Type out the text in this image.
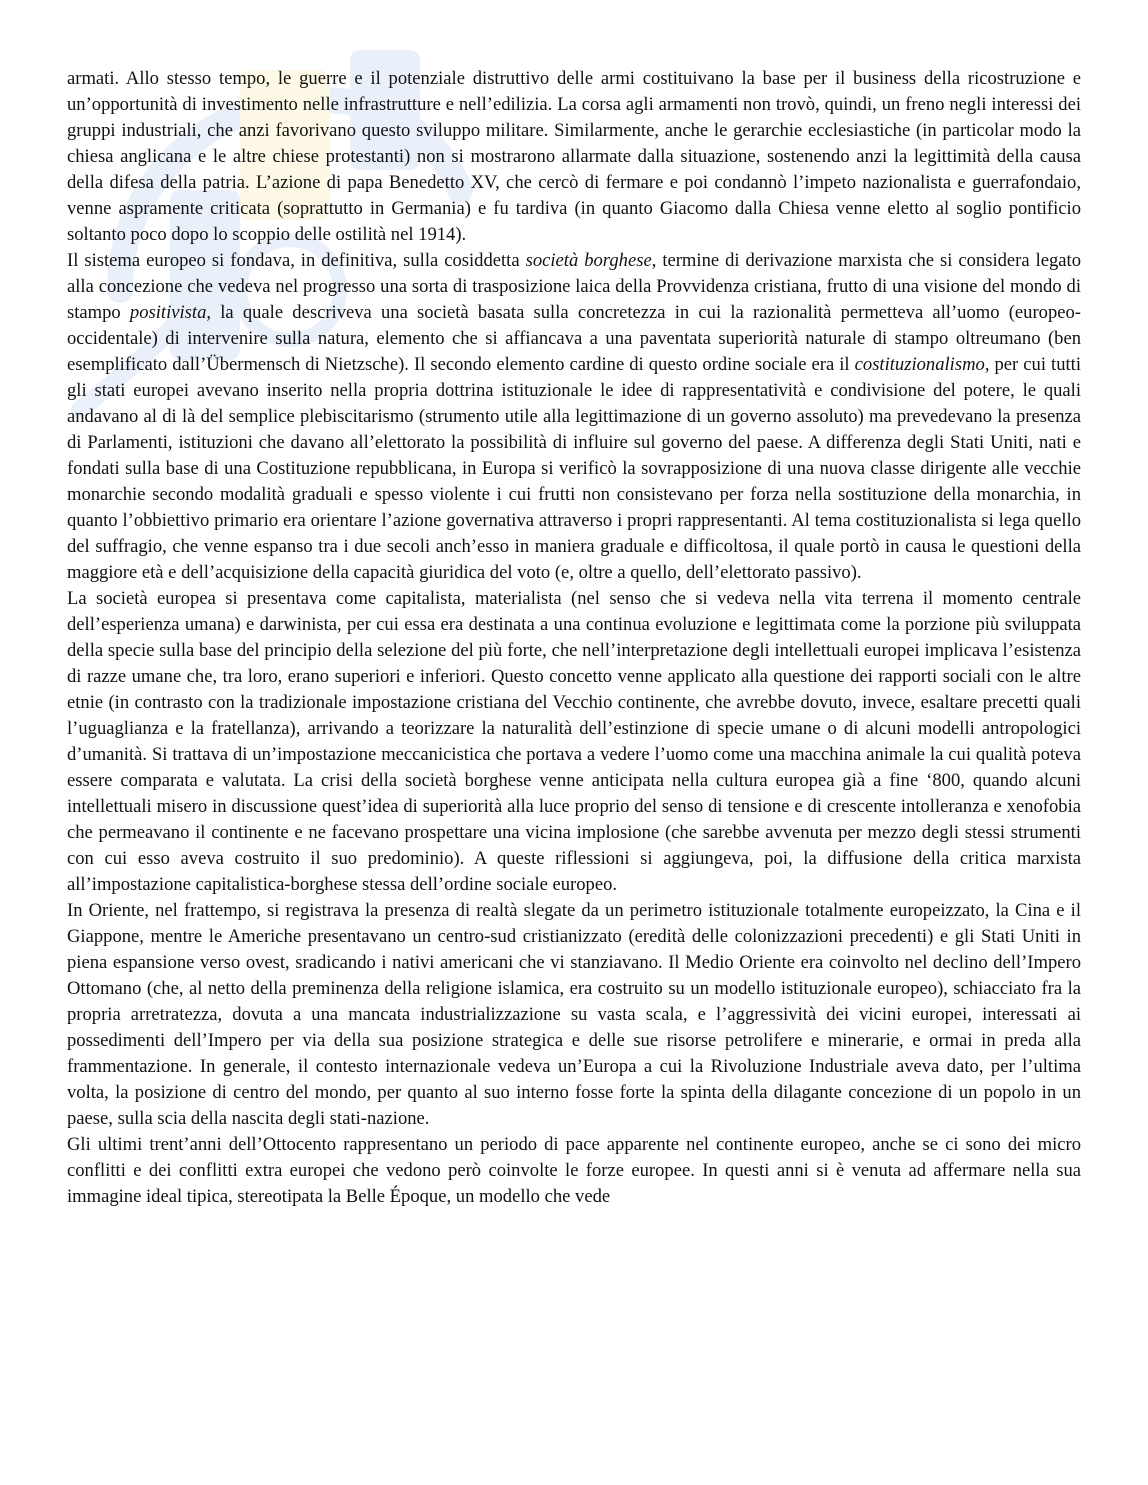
armati. Allo stesso tempo, le guerre e il potenziale distruttivo delle armi costituivano la base per il business della ricostruzione e un’opportunità di investimento nelle infrastrutture e nell’edilizia. La corsa agli armamenti non trovò, quindi, un freno negli interessi dei gruppi industriali, che anzi favorivano questo sviluppo militare. Similarmente, anche le gerarchie ecclesiastiche (in particolar modo la chiesa anglicana e le altre chiese protestanti) non si mostrarono allarmate dalla situazione, sostenendo anzi la legittimità della causa della difesa della patria. L’azione di papa Benedetto XV, che cercò di fermare e poi condannò l’impeto nazionalista e guerrafondaio, venne aspramente criticata (soprattutto in Germania) e fu tardiva (in quanto Giacomo dalla Chiesa venne eletto al soglio pontificio soltanto poco dopo lo scoppio delle ostilità nel 1914).

Il sistema europeo si fondava, in definitiva, sulla cosiddetta società borghese, termine di derivazione marxista che si considera legato alla concezione che vedeva nel progresso una sorta di trasposizione laica della Provvidenza cristiana, frutto di una visione del mondo di stampo positivista, la quale descriveva una società basata sulla concretezza in cui la razionalità permetteva all’uomo (europeo-occidentale) di intervenire sulla natura, elemento che si affiancava a una paventata superiorità naturale di stampo oltreumano (ben esemplificato dall’Übermensch di Nietzsche). Il secondo elemento cardine di questo ordine sociale era il costituzionalismo, per cui tutti gli stati europei avevano inserito nella propria dottrina istituzionale le idee di rappresentatività e condivisione del potere, le quali andavano al di là del semplice plebiscitarismo (strumento utile alla legittimazione di un governo assoluto) ma prevedevano la presenza di Parlamenti, istituzioni che davano all’elettorato la possibilità di influire sul governo del paese. A differenza degli Stati Uniti, nati e fondati sulla base di una Costituzione repubblicana, in Europa si verificò la sovrapposizione di una nuova classe dirigente alle vecchie monarchie secondo modalità graduali e spesso violente i cui frutti non consistevano per forza nella sostituzione della monarchia, in quanto l’obbiettivo primario era orientare l’azione governativa attraverso i propri rappresentanti. Al tema costituzionalista si lega quello del suffragio, che venne espanso tra i due secoli anch’esso in maniera graduale e difficoltosa, il quale portò in causa le questioni della maggiore età e dell’acquisizione della capacità giuridica del voto (e, oltre a quello, dell’elettorato passivo).

La società europea si presentava come capitalista, materialista (nel senso che si vedeva nella vita terrena il momento centrale dell’esperienza umana) e darwinista, per cui essa era destinata a una continua evoluzione e legittimata come la porzione più sviluppata della specie sulla base del principio della selezione del più forte, che nell’interpretazione degli intellettuali europei implicava l’esistenza di razze umane che, tra loro, erano superiori e inferiori. Questo concetto venne applicato alla questione dei rapporti sociali con le altre etnie (in contrasto con la tradizionale impostazione cristiana del Vecchio continente, che avrebbe dovuto, invece, esaltare precetti quali l’uguaglianza e la fratellanza), arrivando a teorizzare la naturalità dell’estinzione di specie umane o di alcuni modelli antropologici d’umanità. Si trattava di un’impostazione meccanicistica che portava a vedere l’uomo come una macchina animale la cui qualità poteva essere comparata e valutata. La crisi della società borghese venne anticipata nella cultura europea già a fine ‘800, quando alcuni intellettuali misero in discussione quest’idea di superiorità alla luce proprio del senso di tensione e di crescente intolleranza e xenofobia che permeavano il continente e ne facevano prospettare una vicina implosione (che sarebbe avvenuta per mezzo degli stessi strumenti con cui esso aveva costruito il suo predominio). A queste riflessioni si aggiungeva, poi, la diffusione della critica marxista all’impostazione capitalistica-borghese stessa dell’ordine sociale europeo.

In Oriente, nel frattempo, si registrava la presenza di realtà slegate da un perimetro istituzionale totalmente europeizzato, la Cina e il Giappone, mentre le Americhe presentavano un centro-sud cristianizzato (eredità delle colonizzazioni precedenti) e gli Stati Uniti in piena espansione verso ovest, sradicando i nativi americani che vi stanziavano. Il Medio Oriente era coinvolto nel declino dell’Impero Ottomano (che, al netto della preminenza della religione islamica, era costruito su un modello istituzionale europeo), schiacciato fra la propria arretratezza, dovuta a una mancata industrializzazione su vasta scala, e l’aggressività dei vicini europei, interessati ai possedimenti dell’Impero per via della sua posizione strategica e delle sue risorse petrolifere e minerarie, e ormai in preda alla frammentazione. In generale, il contesto internazionale vedeva un’Europa a cui la Rivoluzione Industriale aveva dato, per l’ultima volta, la posizione di centro del mondo, per quanto al suo interno fosse forte la spinta della dilagante concezione di un popolo in un paese, sulla scia della nascita degli stati-nazione.

Gli ultimi trent’anni dell’Ottocento rappresentano un periodo di pace apparente nel continente europeo, anche se ci sono dei micro conflitti e dei conflitti extra europei che vedono però coinvolte le forze europee. In questi anni si è venuta ad affermare nella sua immagine ideal tipica, stereotipata la Belle Époque, un modello che vede
